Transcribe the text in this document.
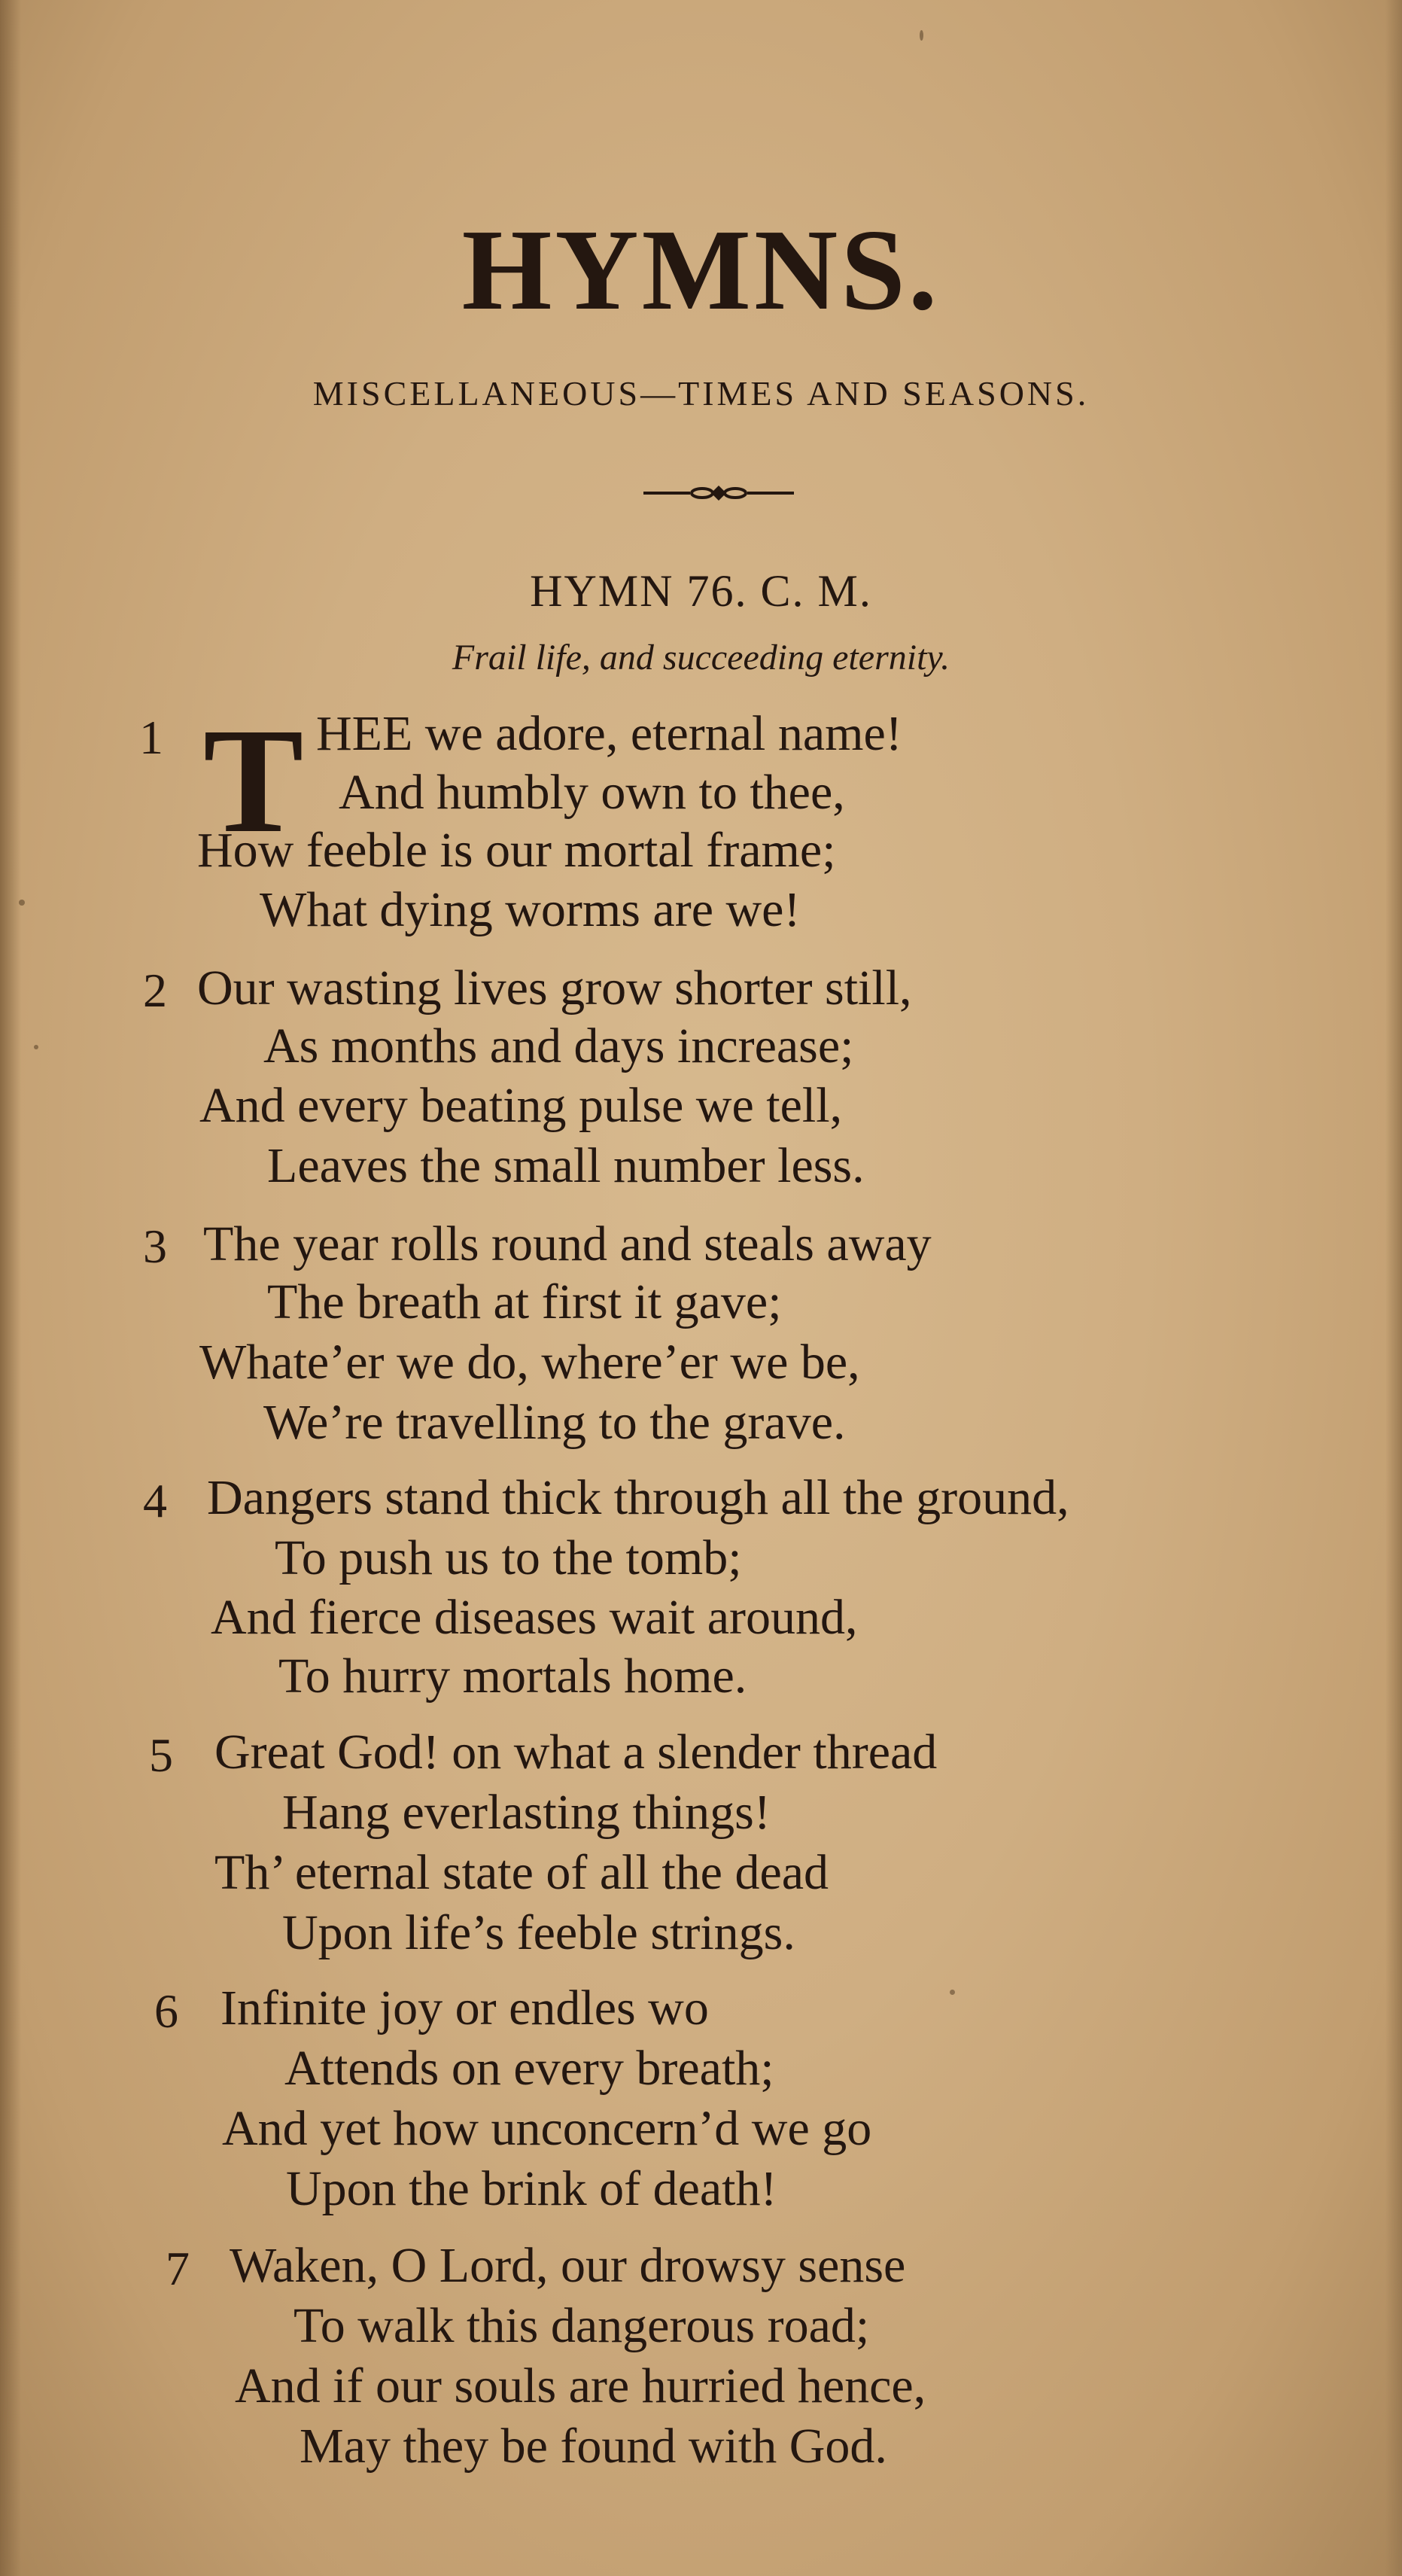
HYMNS.
MISCELLANEOUS—TIMES AND SEASONS.
HYMN 76. C. M.
Frail life, and succeeding eternity.
T
1	HEE we adore, eternal name!
And humbly own to thee,
How feeble is our mortal frame;
What dying worms are we!
2 Our wasting lives grow shorter still,
As months and days increase;
And every beating pulse we tell,
Leaves the small number less.
3 The year rolls round and steals away
The breath at first it gave;
Whate’er we do, where’er we be,
We’re travelling to the grave.
4 Dangers stand thick through all the ground,
To push us to the tomb;
And fierce diseases wait around,
To hurry mortals home.
5 Great God! on what a slender thread
Hang everlasting things!
Th’ eternal state of all the dead
Upon life’s feeble strings.
6 Infinite joy or endles wo
Attends on every breath;
And yet how unconcern’d we go
Upon the brink of death!
7 Waken, O Lord, our drowsy sense
To walk this dangerous road;
And if our souls are hurried hence,
May they be found with God.
